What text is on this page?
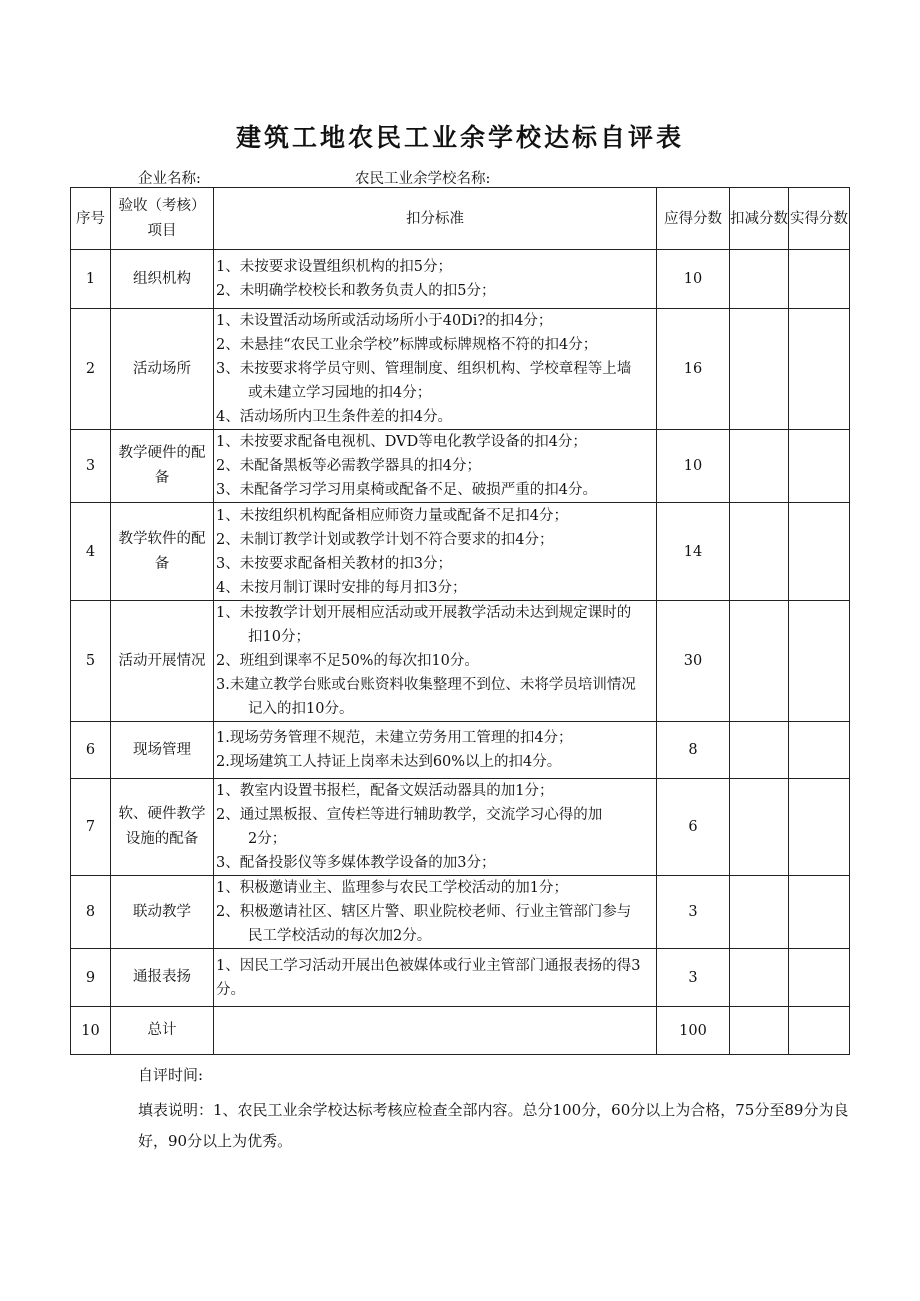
建筑工地农民工业余学校达标自评表
企业名称:	农民工业余学校名称:
序号	验收（考核）项目	扣分标准	应得分数	扣减分数	实得分数
1	组织机构	1、未按要求设置组织机构的扣5分；
2、未明确学校校长和教务负责人的扣5分；	10		
2	活动场所	1、未设置活动场所或活动场所小于40Di?的扣4分；
2、未悬挂“农民工业余学校”标牌或标牌规格不符的扣4分；
3、未按要求将学员守则、管理制度、组织机构、学校章程等上墙
或未建立学习园地的扣4分；
4、活动场所内卫生条件差的扣4分。	16		
3	教学硬件的配备	1、未按要求配备电视机、DVD等电化教学设备的扣4分；
2、未配备黑板等必需教学器具的扣4分；
3、未配备学习学习用桌椅或配备不足、破损严重的扣4分。	10		
4	教学软件的配备	1、未按组织机构配备相应师资力量或配备不足扣4分；
2、未制订教学计划或教学计划不符合要求的扣4分；
3、未按要求配备相关教材的扣3分；
4、未按月制订课时安排的每月扣3分；	14		
5	活动开展情况	1、未按教学计划开展相应活动或开展教学活动未达到规定课时的
扣10分；
2、班组到课率不足50%的每次扣10分。
3.未建立教学台账或台账资料收集整理不到位、未将学员培训情况
记入的扣10分。	30		
6	现场管理	1.现场劳务管理不规范，未建立劳务用工管理的扣4分；
2.现场建筑工人持证上岗率未达到60%以上的扣4分。	8		
7	软、硬件教学设施的配备	1、教室内设置书报栏，配备文娱活动器具的加1分；
2、通过黑板报、宣传栏等进行辅助教学，交流学习心得的加
2分；
3、配备投影仪等多媒体教学设备的加3分；	6		
8	联动教学	1、积极邀请业主、监理参与农民工学校活动的加1分；
2、积极邀请社区、辖区片警、职业院校老师、行业主管部门参与
民工学校活动的每次加2分。	3		
9	通报表扬	1、因民工学习活动开展出色被媒体或行业主管部门通报表扬的得3
分。	3		
10	总计		100		
自评时间:
填表说明：1、农民工业余学校达标考核应检查全部内容。总分100分，60分以上为合格，75分至89分为良好，90分以上为优秀。
